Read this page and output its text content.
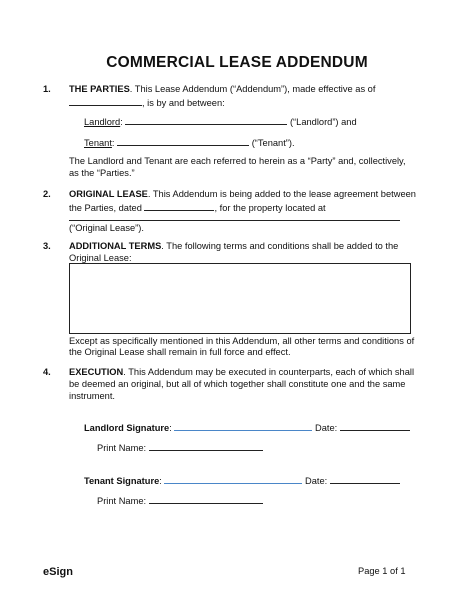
COMMERCIAL LEASE ADDENDUM
1. THE PARTIES. This Lease Addendum (“Addendum”), made effective as of
, is by and between:
Landlord:	(“Landlord”) and
Tenant:	(“Tenant”).
The Landlord and Tenant are each referred to herein as a “Party” and, collectively,
as the “Parties.”
2. ORIGINAL LEASE. This Addendum is being added to the lease agreement between
the Parties, dated	, for the property located at
(“Original Lease”).
3. ADDITIONAL TERMS. The following terms and conditions shall be added to the
Original Lease:
Except as specifically mentioned in this Addendum, all other terms and conditions of
the Original Lease shall remain in full force and effect.
4. EXECUTION. This Addendum may be executed in counterparts, each of which shall
be deemed an original, but all of which together shall constitute one and the same
instrument.
Landlord Signature:	Date:
Print Name:
Tenant Signature:	Date:
Print Name:
eSign	Page 1 of 1
